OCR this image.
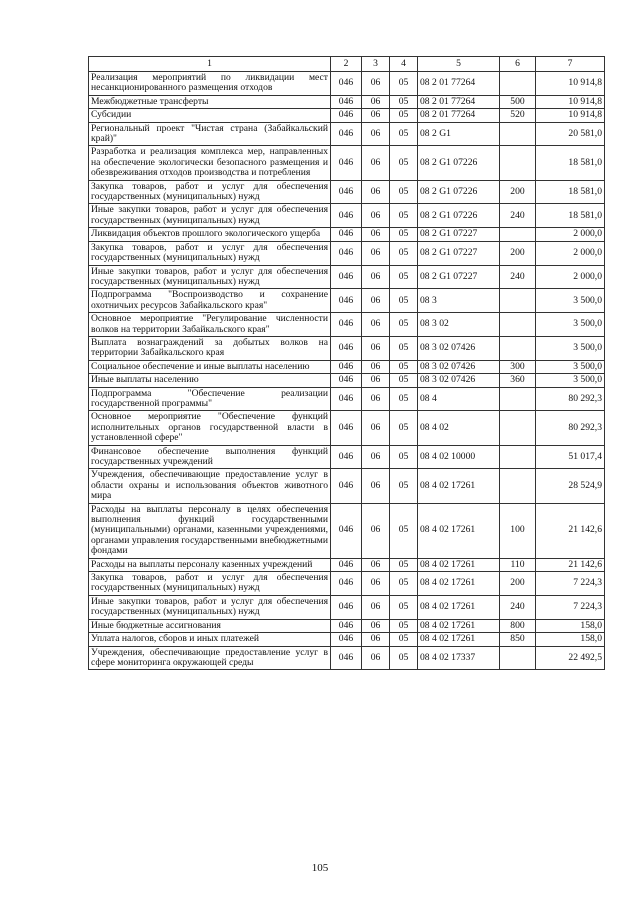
1	2	3	4	5	6	7
Реализация мероприятий по ликвидации мест несанкционированного размещения отходов	046	06	05	08 2 01 77264		10 914,8
Межбюджетные трансферты	046	06	05	08 2 01 77264	500	10 914,8
Субсидии	046	06	05	08 2 01 77264	520	10 914,8
Региональный проект "Чистая страна (Забайкальский край)"	046	06	05	08 2 G1		20 581,0
Разработка и реализация комплекса мер, направленных на обеспечение экологически безопасного размещения и обезвреживания отходов производства и потребления	046	06	05	08 2 G1 07226		18 581,0
Закупка товаров, работ и услуг для обеспечения государственных (муниципальных) нужд	046	06	05	08 2 G1 07226	200	18 581,0
Иные закупки товаров, работ и услуг для обеспечения государственных (муниципальных) нужд	046	06	05	08 2 G1 07226	240	18 581,0
Ликвидация объектов прошлого экологического ущерба	046	06	05	08 2 G1 07227		2 000,0
Закупка товаров, работ и услуг для обеспечения государственных (муниципальных) нужд	046	06	05	08 2 G1 07227	200	2 000,0
Иные закупки товаров, работ и услуг для обеспечения государственных (муниципальных) нужд	046	06	05	08 2 G1 07227	240	2 000,0
Подпрограмма "Воспроизводство и сохранение охотничьих ресурсов Забайкальского края"	046	06	05	08 3		3 500,0
Основное мероприятие "Регулирование численности волков на территории Забайкальского края"	046	06	05	08 3 02		3 500,0
Выплата вознаграждений за добытых волков на территории Забайкальского края	046	06	05	08 3 02 07426		3 500,0
Социальное обеспечение и иные выплаты населению	046	06	05	08 3 02 07426	300	3 500,0
Иные выплаты населению	046	06	05	08 3 02 07426	360	3 500,0
Подпрограмма "Обеспечение реализации государственной программы"	046	06	05	08 4		80 292,3
Основное мероприятие "Обеспечение функций исполнительных органов государственной власти в установленной сфере"	046	06	05	08 4 02		80 292,3
Финансовое обеспечение выполнения функций государственных учреждений	046	06	05	08 4 02 10000		51 017,4
Учреждения, обеспечивающие предоставление услуг в области охраны и использования объектов животного мира	046	06	05	08 4 02 17261		28 524,9
Расходы на выплаты персоналу в целях обеспечения выполнения функций государственными (муниципальными) органами, казенными учреждениями, органами управления государственными внебюджетными фондами	046	06	05	08 4 02 17261	100	21 142,6
Расходы на выплаты персоналу казенных учреждений	046	06	05	08 4 02 17261	110	21 142,6
Закупка товаров, работ и услуг для обеспечения государственных (муниципальных) нужд	046	06	05	08 4 02 17261	200	7 224,3
Иные закупки товаров, работ и услуг для обеспечения государственных (муниципальных) нужд	046	06	05	08 4 02 17261	240	7 224,3
Иные бюджетные ассигнования	046	06	05	08 4 02 17261	800	158,0
Уплата налогов, сборов и иных платежей	046	06	05	08 4 02 17261	850	158,0
Учреждения, обеспечивающие предоставление услуг в сфере мониторинга окружающей среды	046	06	05	08 4 02 17337		22 492,5
105
